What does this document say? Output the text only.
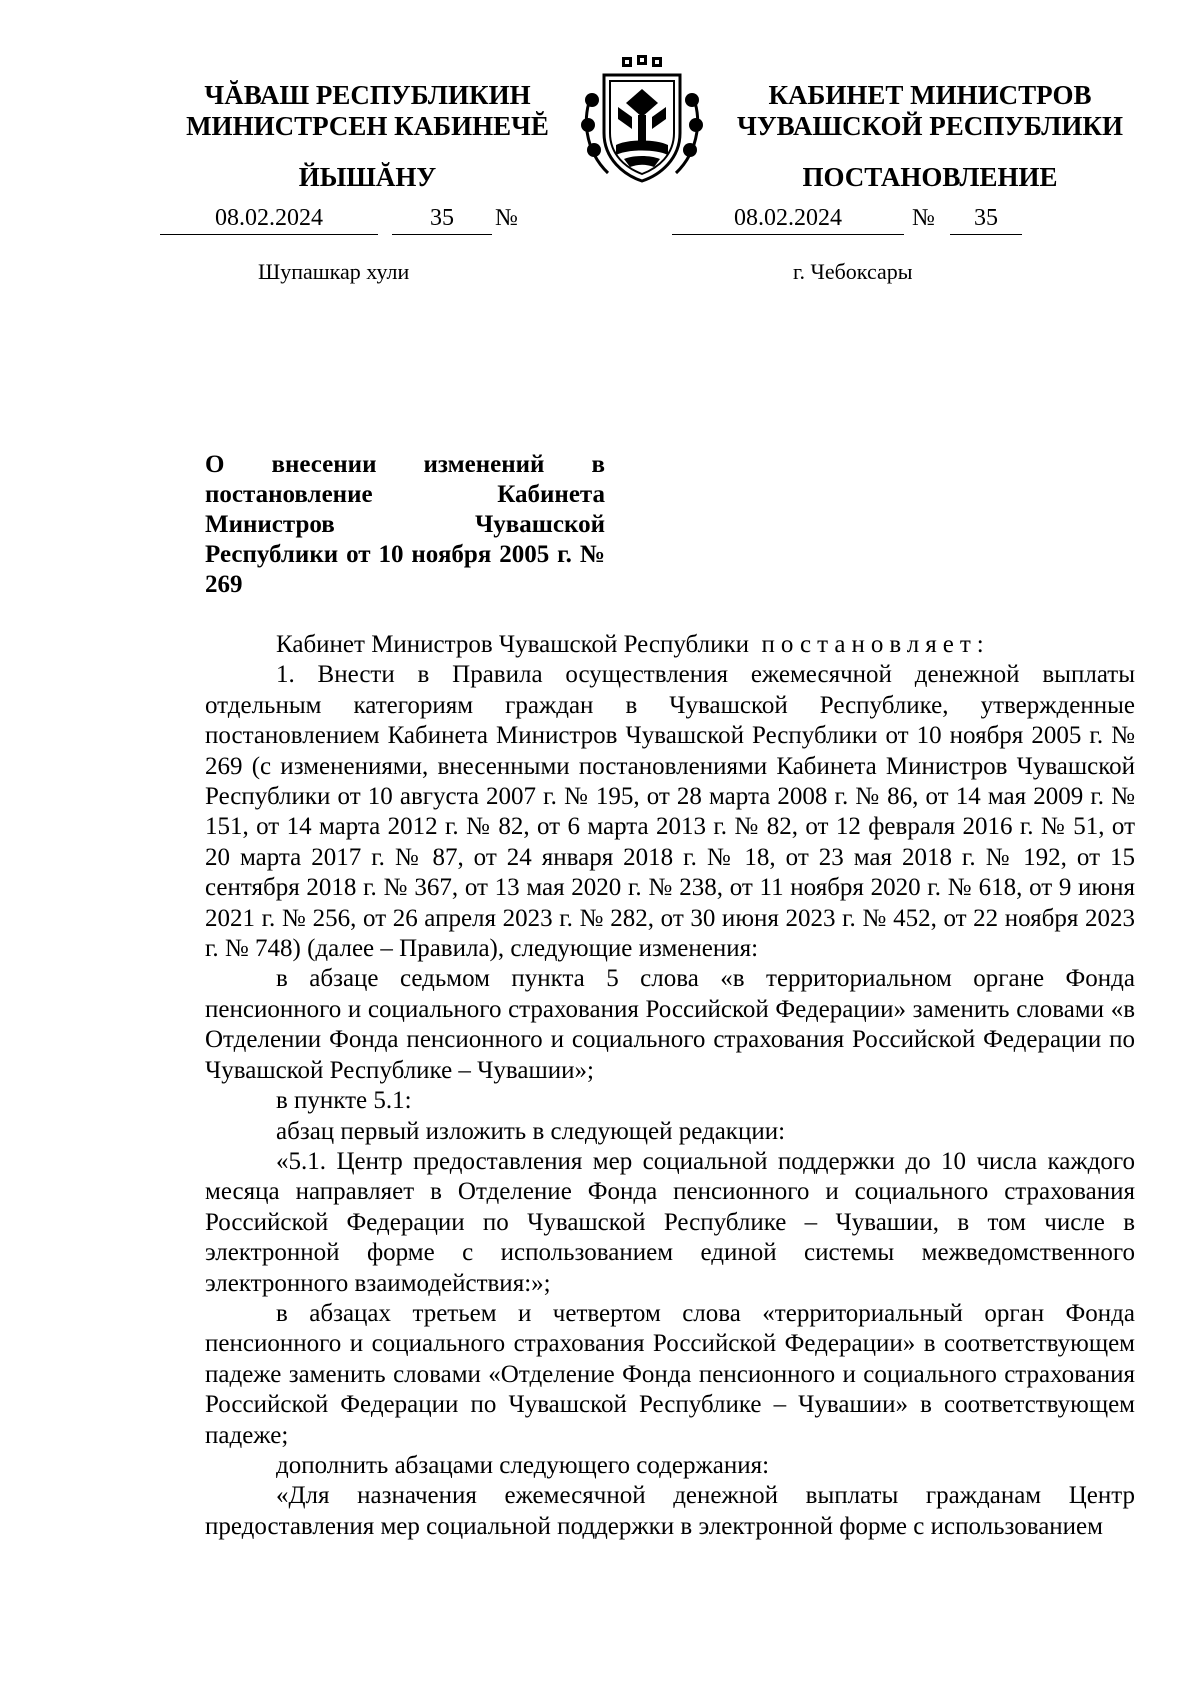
ЧĂВАШ РЕСПУБЛИКИН
МИНИСТРСЕН КАБИНЕЧĔ
ЙЫШĂНУ
КАБИНЕТ МИНИСТРОВ
ЧУВАШСКОЙ РЕСПУБЛИКИ
ПОСТАНОВЛЕНИЕ
08.02.2024	35	№
Шупашкар хули
08.02.2024	№	35
г. Чебоксары
О внесении изменений в постановление Кабинета Министров Чувашской Республики от 10 ноября 2005 г. № 269

Кабинет Министров Чувашской Республики постановляет:

1. Внести в Правила осуществления ежемесячной денежной выплаты отдельным категориям граждан в Чувашской Республике, утвержденные постановлением Кабинета Министров Чувашской Республики от 10 ноября 2005 г. № 269 (с изменениями, внесенными постановлениями Кабинета Министров Чувашской Республики от 10 августа 2007 г. № 195, от 28 марта 2008 г. № 86, от 14 мая 2009 г. № 151, от 14 марта 2012 г. № 82, от 6 марта 2013 г. № 82, от 12 февраля 2016 г. № 51, от 20 марта 2017 г. № 87, от 24 января 2018 г. № 18, от 23 мая 2018 г. № 192, от 15 сентября 2018 г. № 367, от 13 мая 2020 г. № 238, от 11 ноября 2020 г. № 618, от 9 июня 2021 г. № 256, от 26 апреля 2023 г. № 282, от 30 июня 2023 г. № 452, от 22 ноября 2023 г. № 748) (далее – Правила), следующие изменения:

в абзаце седьмом пункта 5 слова «в территориальном органе Фонда пенсионного и социального страхования Российской Федерации» заменить словами «в Отделении Фонда пенсионного и социального страхования Российской Федерации по Чувашской Республике – Чувашии»;

в пункте 5.1:

абзац первый изложить в следующей редакции:

«5.1. Центр предоставления мер социальной поддержки до 10 числа каждого месяца направляет в Отделение Фонда пенсионного и социального страхования Российской Федерации по Чувашской Республике – Чувашии, в том числе в электронной форме с использованием единой системы межведомственного электронного взаимодействия:»;

в абзацах третьем и четвертом слова «территориальный орган Фонда пенсионного и социального страхования Российской Федерации» в соответствующем падеже заменить словами «Отделение Фонда пенсионного и социального страхования Российской Федерации по Чувашской Республике – Чувашии» в соответствующем падеже;

дополнить абзацами следующего содержания:

«Для назначения ежемесячной денежной выплаты гражданам Центр предоставления мер социальной поддержки в электронной форме с использованием
